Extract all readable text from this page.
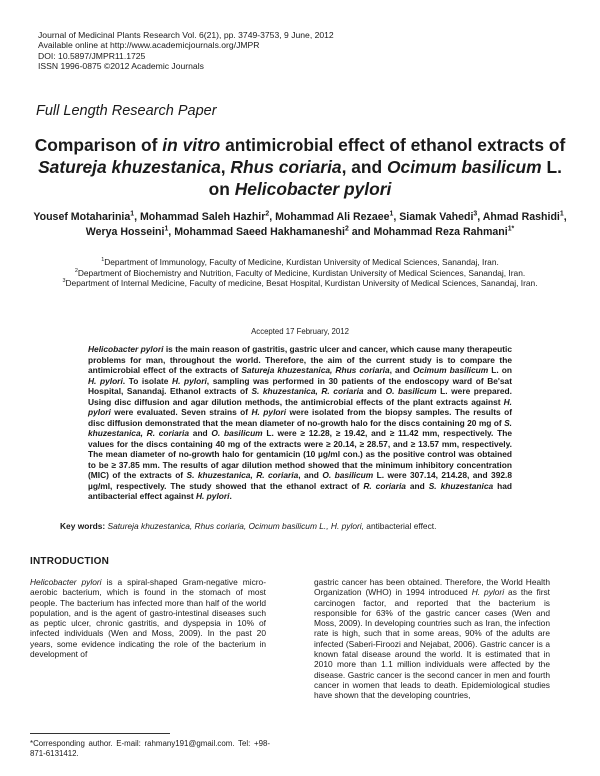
Journal of Medicinal Plants Research Vol. 6(21), pp. 3749-3753, 9 June, 2012
Available online at http://www.academicjournals.org/JMPR
DOI: 10.5897/JMPR11.1725
ISSN 1996-0875 ©2012 Academic Journals
Full Length Research Paper
Comparison of in vitro antimicrobial effect of ethanol extracts of Satureja khuzestanica, Rhus coriaria, and Ocimum basilicum L. on Helicobacter pylori
Yousef Motaharinia$^1$, Mohammad Saleh Hazhir$^2$, Mohammad Ali Rezaee$^1$, Siamak Vahedi$^3$, Ahmad Rashidi$^1$, Werya Hosseini$^1$, Mohammad Saeed Hakhamaneshi$^2$ and Mohammad Reza Rahmani$^{1*}$

$^1$Department of Immunology, Faculty of Medicine, Kurdistan University of Medical Sciences, Sanandaj, Iran.

$^2$Department of Biochemistry and Nutrition, Faculty of Medicine, Kurdistan University of Medical Sciences, Sanandaj, Iran.

$^3$Department of Internal Medicine, Faculty of medicine, Besat Hospital, Kurdistan University of Medical Sciences, Sanandaj, Iran.

Accepted 17 February, 2012

Helicobacter pylori is the main reason of gastritis, gastric ulcer and cancer, which cause many therapeutic problems for man, throughout the world. Therefore, the aim of the current study is to compare the antimicrobial effect of the extracts of Satureja khuzestanica, Rhus coriaria, and Ocimum basilicum L. on H. pylori. To isolate H. pylori, sampling was performed in 30 patients of the endoscopy ward of Be'sat Hospital, Sanandaj. Ethanol extracts of S. khuzestanica, R. coriaria and O. basilicum L. were prepared. Using disc diffusion and agar dilution methods, the antimicrobial effects of the plant extracts against H. pylori were evaluated. Seven strains of H. pylori were isolated from the biopsy samples. The results of disc diffusion demonstrated that the mean diameter of no-growth halo for the discs containing 20 mg of S. khuzestanica, R. coriaria and O. basilicum L. were ≥ 12.28, ≥ 19.42, and ≥ 11.42 mm, respectively. The values for the discs containing 40 mg of the extracts were ≥ 20.14, ≥ 28.57, and ≥ 13.57 mm, respectively. The mean diameter of no-growth halo for gentamicin (10 µg/ml con.) as the positive control was obtained to be ≥ 37.85 mm. The results of agar dilution method showed that the minimum inhibitory concentration (MIC) of the extracts of S. khuzestanica, R. coriaria, and O. basilicum L. were 307.14, 214.28, and 392.8 µg/ml, respectively. The study showed that the ethanol extract of R. coriaria and S. khuzestanica had antibacterial effect against H. pylori.

Key words: Satureja khuzestanica, Rhus coriaria, Ocimum basilicum L., H. pylori, antibacterial effect.
INTRODUCTION

Helicobacter pylori is a spiral-shaped Gram-negative micro-aerobic bacterium, which is found in the stomach of most people. The bacterium has infected more than half of the world population, and is the agent of gastro-intestinal diseases such as peptic ulcer, chronic gastritis, and dyspepsia in 10% of infected individuals (Wen and Moss, 2009). In the past 20 years, some evidence indicating the role of the bacterium in development of

gastric cancer has been obtained. Therefore, the World Health Organization (WHO) in 1994 introduced H. pylori as the first carcinogen factor, and reported that the bacterium is responsible for 63% of the gastric cancer cases (Wen and Moss, 2009). In developing countries such as Iran, the infection rate is high, such that in some areas, 90% of the adults are infected (Saberi-Firoozi and Nejabat, 2006). Gastric cancer is a known fatal disease around the world. It is estimated that in 2010 more than 1.1 million individuals were affected by the disease. Gastric cancer is the second cancer in men and fourth cancer in women that leads to death. Epidemiological studies have shown that the developing countries,

*Corresponding author. E-mail: rahmany191@gmail.com. Tel: +98-871-6131412.
